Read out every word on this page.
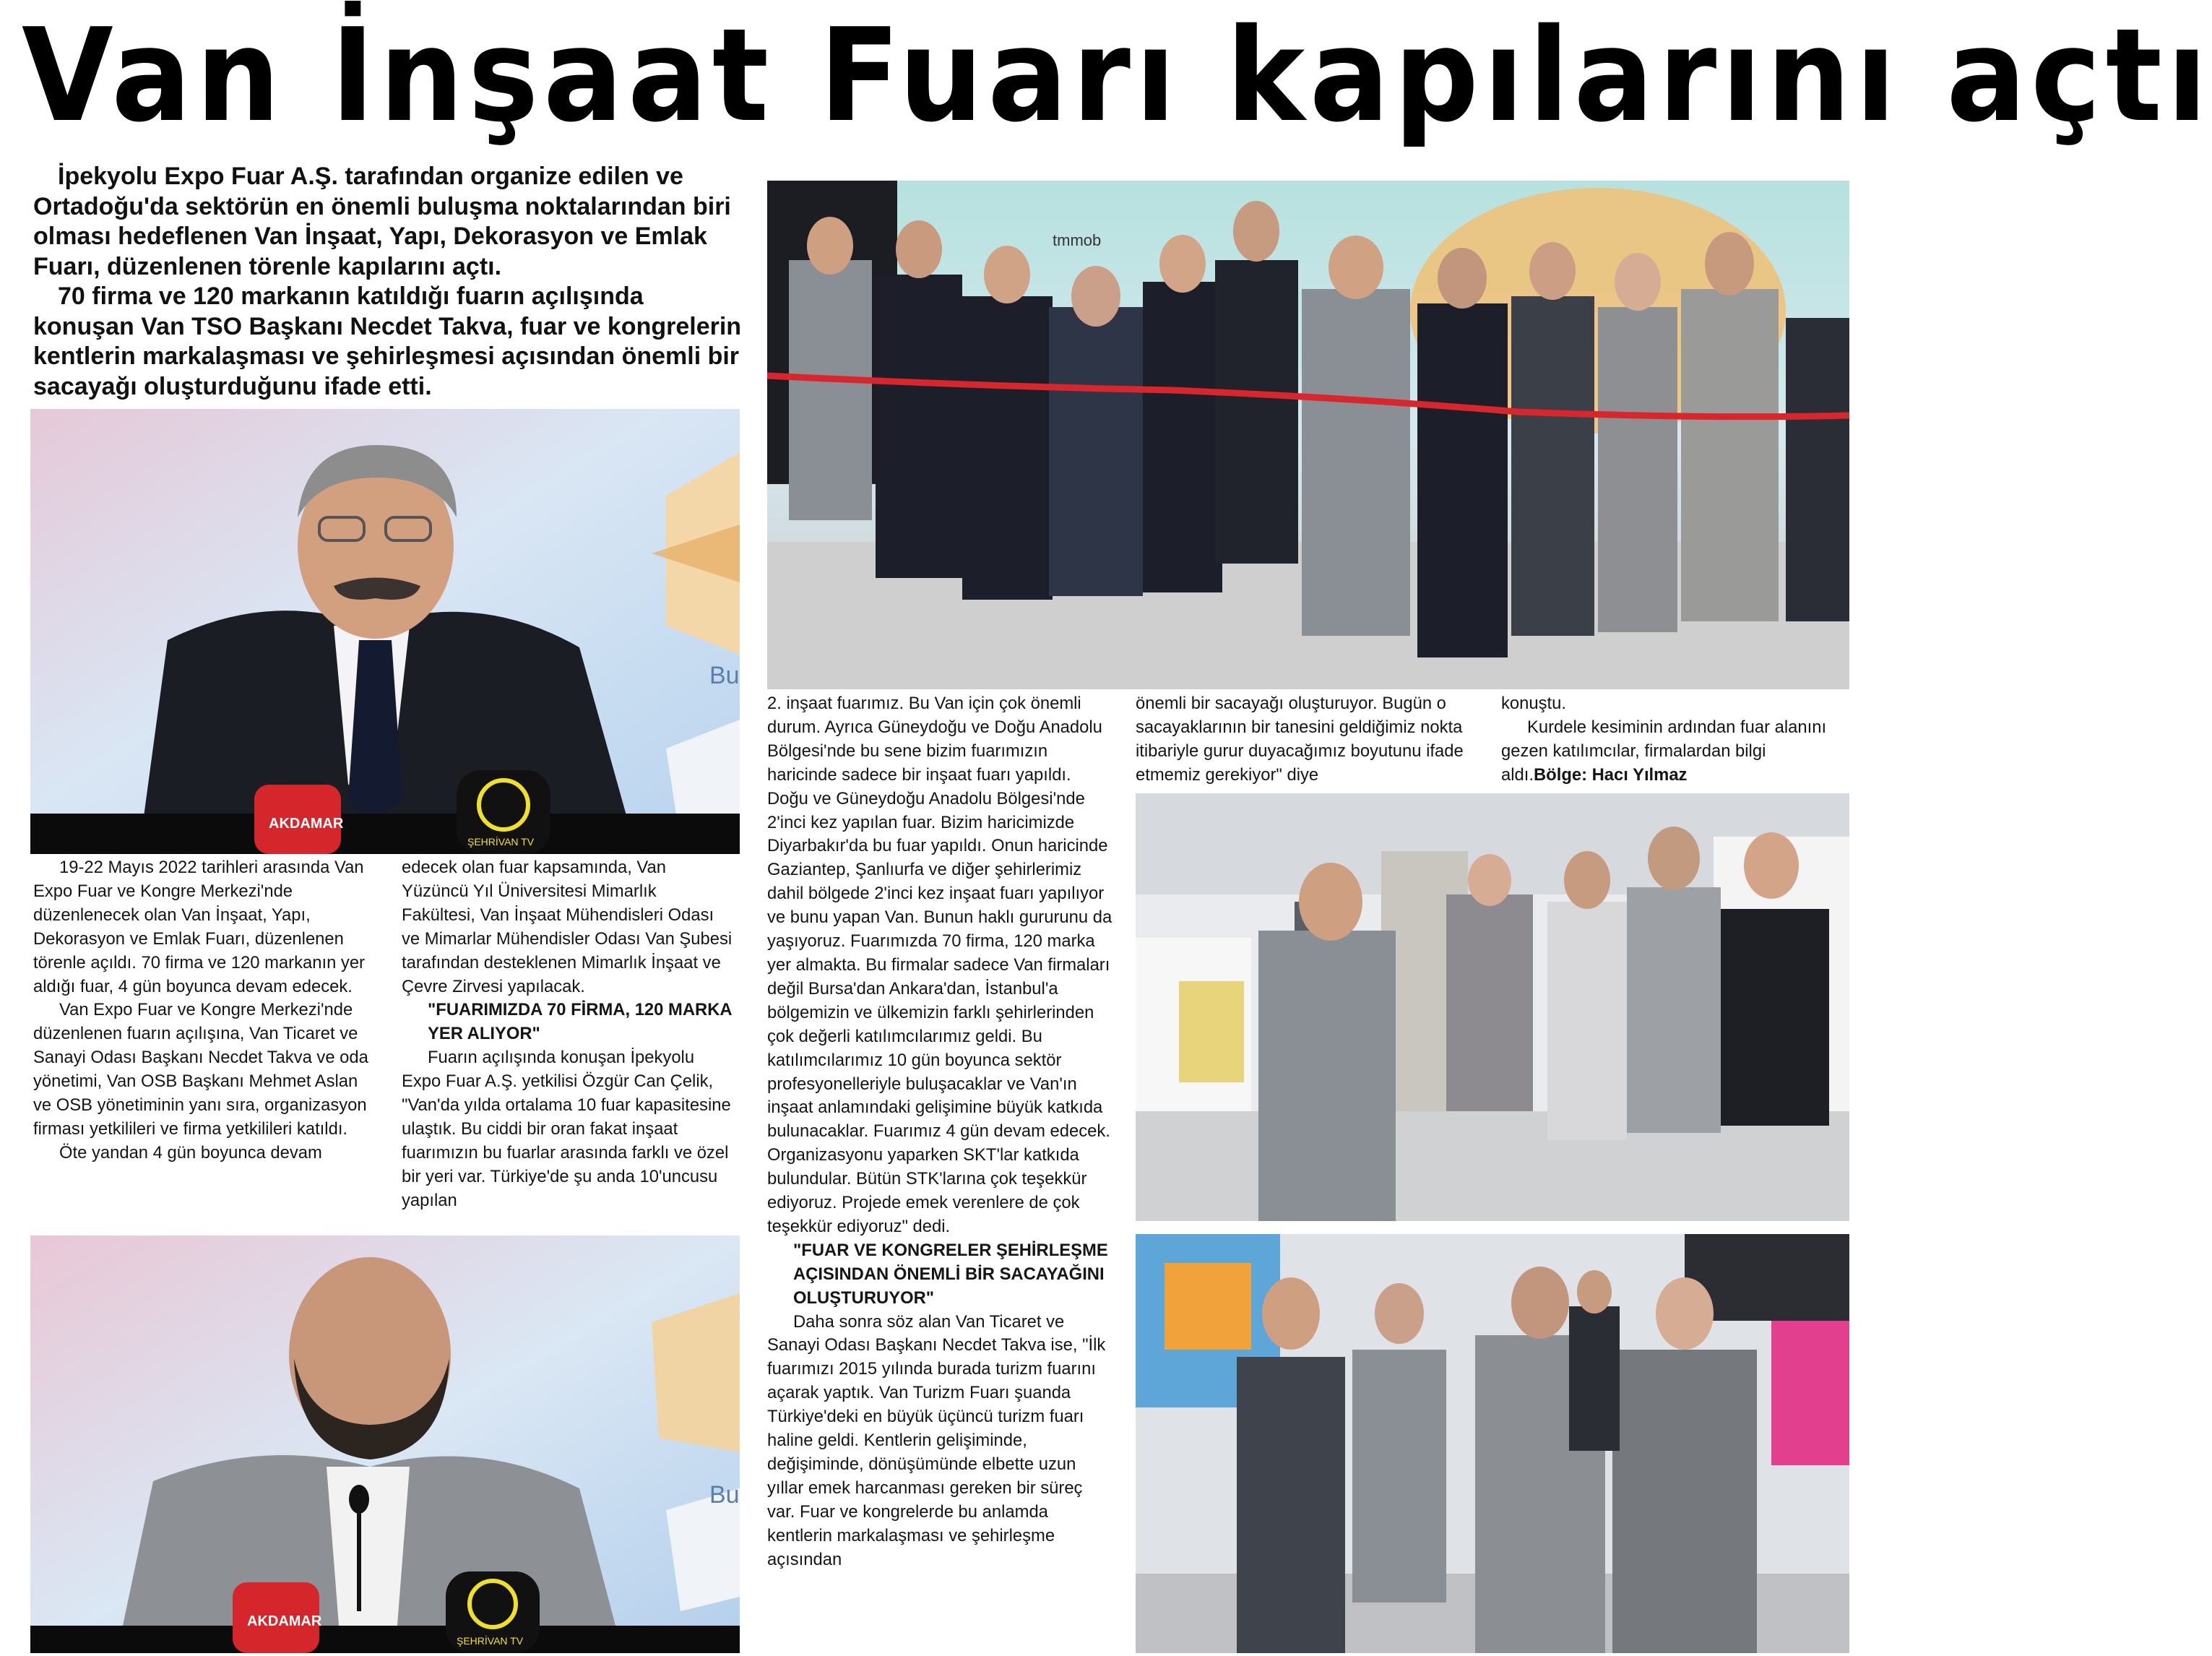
Van İnşaat Fuarı kapılarını açtı

İpekyolu Expo Fuar A.Ş. tarafından organize edilen ve Ortadoğu'da sektörün en önemli buluşma noktalarından biri olması hedeflenen Van İnşaat, Yapı, Dekorasyon ve Emlak Fuarı, düzenlenen törenle kapılarını açtı.

70 firma ve 120 markanın katıldığı fuarın açılışında konuşan Van TSO Başkanı Necdet Takva, fuar ve kongrelerin kentlerin markalaşması ve şehirleşmesi açısından önemli bir sacayağı oluşturduğunu ifade etti.

Bu
AKDAMAR
ŞEHRİVAN TV
tmmob

19-22 Mayıs 2022 tarihleri arasında Van Expo Fuar ve Kongre Merkezi'nde düzenlenecek olan Van İnşaat, Yapı, Dekorasyon ve Emlak Fuarı, düzenlenen törenle açıldı. 70 firma ve 120 markanın yer aldığı fuar, 4 gün boyunca devam edecek.

Van Expo Fuar ve Kongre Merkezi'nde düzenlenen fuarın açılışına, Van Ticaret ve Sanayi Odası Başkanı Necdet Takva ve oda yönetimi, Van OSB Başkanı Mehmet Aslan ve OSB yönetiminin yanı sıra, organizasyon firması yetkilileri ve firma yetkilileri katıldı.

Öte yandan 4 gün boyunca devam

edecek olan fuar kapsamında, Van Yüzüncü Yıl Üniversitesi Mimarlık Fakültesi, Van İnşaat Mühendisleri Odası ve Mimarlar Mühendisler Odası Van Şubesi tarafından desteklenen Mimarlık İnşaat ve Çevre Zirvesi yapılacak.

"FUARIMIZDA 70 FİRMA, 120 MARKA YER ALIYOR"

Fuarın açılışında konuşan İpekyolu Expo Fuar A.Ş. yetkilisi Özgür Can Çelik, "Van'da yılda ortalama 10 fuar kapasitesine ulaştık. Bu ciddi bir oran fakat inşaat fuarımızın bu fuarlar arasında farklı ve özel bir yeri var. Türkiye'de şu anda 10'uncusu yapılan

Bu
AKDAMAR
ŞEHRİVAN TV

2. inşaat fuarımız. Bu Van için çok önemli durum. Ayrıca Güneydoğu ve Doğu Anadolu Bölgesi'nde bu sene bizim fuarımızın haricinde sadece bir inşaat fuarı yapıldı. Doğu ve Güneydoğu Anadolu Bölgesi'nde 2'inci kez yapılan fuar. Bizim haricimizde Diyarbakır'da bu fuar yapıldı. Onun haricinde Gaziantep, Şanlıurfa ve diğer şehirlerimiz dahil bölgede 2'inci kez inşaat fuarı yapılıyor ve bunu yapan Van. Bunun haklı gururunu da yaşıyoruz. Fuarımızda 70 firma, 120 marka yer almakta. Bu firmalar sadece Van firmaları değil Bursa'dan Ankara'dan, İstanbul'a bölgemizin ve ülkemizin farklı şehirlerinden çok değerli katılımcılarımız geldi. Bu katılımcılarımız 10 gün boyunca sektör profesyonelleriyle buluşacaklar ve Van'ın inşaat anlamındaki gelişimine büyük katkıda bulunacaklar. Fuarımız 4 gün devam edecek. Organizasyonu yaparken SKT'lar katkıda bulundular. Bütün STK'larına çok teşekkür ediyoruz. Projede emek verenlere de çok teşekkür ediyoruz" dedi.

"FUAR VE KONGRELER ŞEHİRLEŞME AÇISINDAN ÖNEMLİ BİR SACAYAĞINI OLUŞTURUYOR"

Daha sonra söz alan Van Ticaret ve Sanayi Odası Başkanı Necdet Takva ise, "İlk fuarımızı 2015 yılında burada turizm fuarını açarak yaptık. Van Turizm Fuarı şuanda Türkiye'deki en büyük üçüncü turizm fuarı haline geldi. Kentlerin gelişiminde, değişiminde, dönüşümünde elbette uzun yıllar emek harcanması gereken bir süreç var. Fuar ve kongrelerde bu anlamda kentlerin markalaşması ve şehirleşme açısından

önemli bir sacayağı oluşturuyor. Bugün o sacayaklarının bir tanesini geldiğimiz nokta itibariyle gurur duyacağımız boyutunu ifade etmemiz gerekiyor" diye

konuştu.

Kurdele kesiminin ardından fuar alanını gezen katılımcılar, firmalardan bilgi aldı.Bölge: Hacı Yılmaz
